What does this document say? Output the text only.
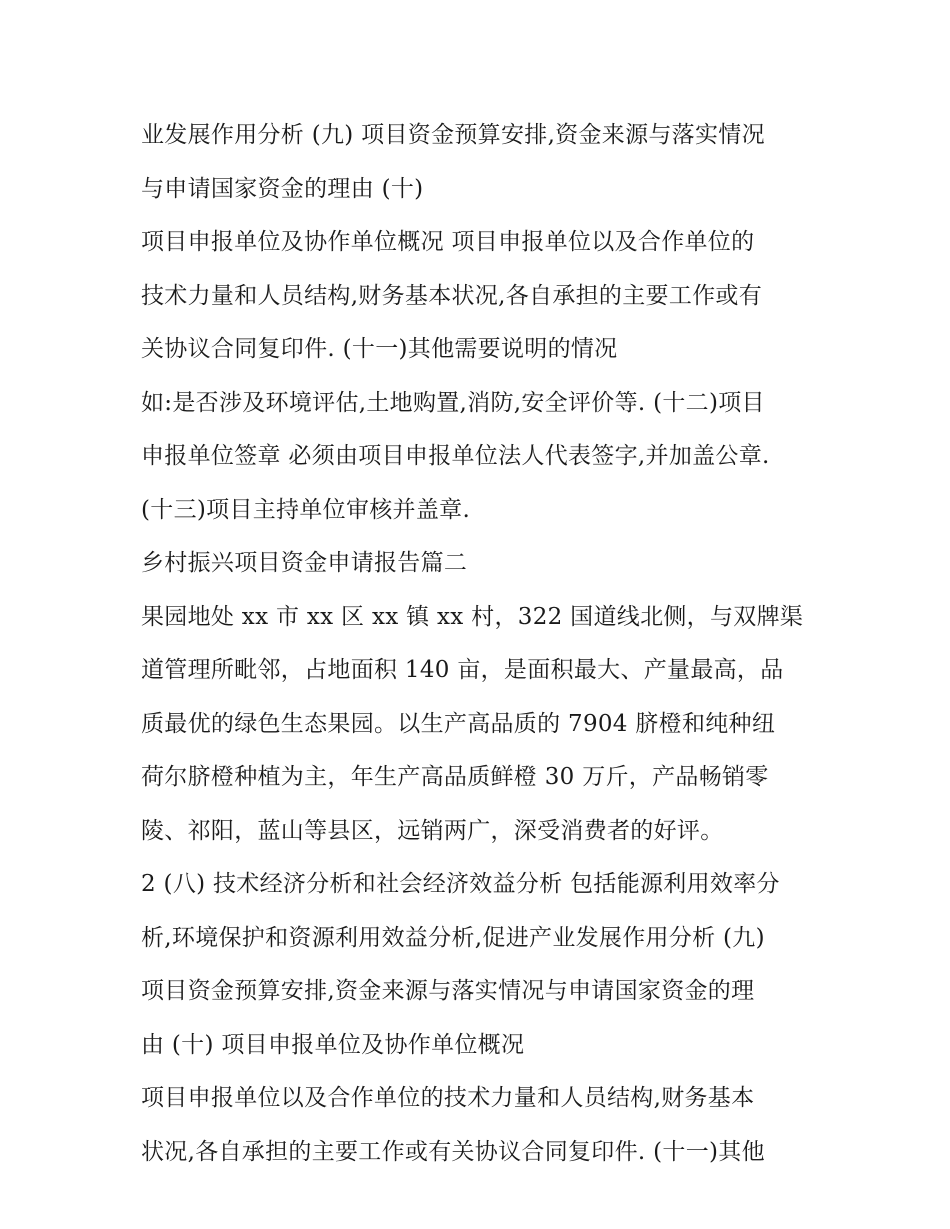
业发展作用分析 (九) 项目资金预算安排,资金来源与落实情况
与申请国家资金的理由 (十)
项目申报单位及协作单位概况 项目申报单位以及合作单位的
技术力量和人员结构,财务基本状况,各自承担的主要工作或有
关协议合同复印件. (十一)其他需要说明的情况
如:是否涉及环境评估,土地购置,消防,安全评价等. (十二)项目
申报单位签章 必须由项目申报单位法人代表签字,并加盖公章.
(十三)项目主持单位审核并盖章.
乡村振兴项目资金申请报告篇二
果园地处 xx 市 xx 区 xx 镇 xx 村，322 国道线北侧，与双牌渠
道管理所毗邻，占地面积 140 亩，是面积最大、产量最高，品
质最优的绿色生态果园。以生产高品质的 7904 脐橙和纯种纽
荷尔脐橙种植为主，年生产高品质鲜橙 30 万斤，产品畅销零
陵、祁阳，蓝山等县区，远销两广，深受消费者的好评。
2 (八) 技术经济分析和社会经济效益分析 包括能源利用效率分
析,环境保护和资源利用效益分析,促进产业发展作用分析 (九)
项目资金预算安排,资金来源与落实情况与申请国家资金的理
由 (十) 项目申报单位及协作单位概况
项目申报单位以及合作单位的技术力量和人员结构,财务基本
状况,各自承担的主要工作或有关协议合同复印件. (十一)其他
